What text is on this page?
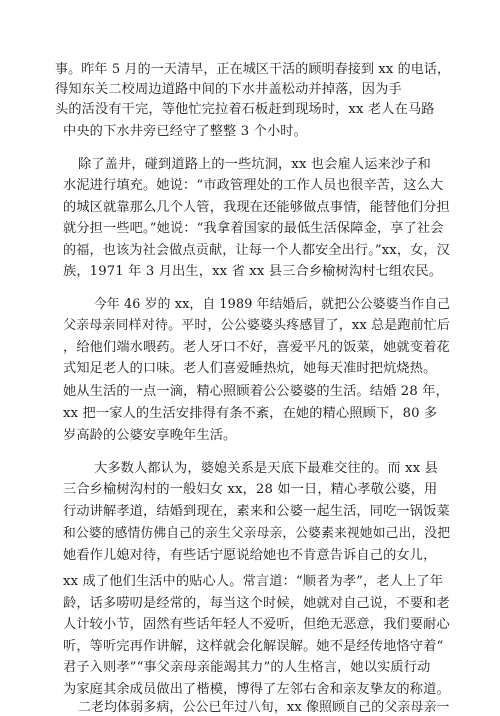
事。昨年 5 月的一天清早，正在城区干活的顾明春接到 xx 的电话，
得知东关二校周边道路中间的下水井盖松动并掉落，因为手
头的活没有干完，等他忙完拉着石板赶到现场时，xx 老人在马路
中央的下水井旁已经守了整整 3 个小时。
除了盖井，碰到道路上的一些坑洞，xx 也会雇人运来沙子和
水泥进行填充。她说：“市政管理处的工作人员也很辛苦，这么大
的城区就靠那么几个人管，我现在还能够做点事情，能替他们分担
就分担一些吧。”她说：“我拿着国家的最低生活保障金，享了社会
的福，也该为社会做点贡献，让每一个人都安全出行。”xx，女，汉
族，1971 年 3 月出生，xx 省 xx 县三合乡榆树沟村七组农民。
今年 46 岁的 xx，自 1989 年结婚后，就把公公婆婆当作自己
父亲母亲同样对待。平时，公公婆婆头疼感冒了，xx 总是跑前忙后
，给他们端水喂药。老人牙口不好，喜爱平凡的饭菜，她就变着花
式知足老人的口味。老人们喜爱睡热炕，她每天准时把炕烧热。
她从生活的一点一滴，精心照顾着公公婆婆的生活。结婚 28 年，
xx 把一家人的生活安排得有条不紊，在她的精心照顾下，80 多
岁高龄的公婆安享晚年生活。
大多数人都认为，婆媳关系是天底下最难交往的。而 xx 县
三合乡榆树沟村的一般妇女 xx，28 如一日，精心孝敬公婆，用
行动讲解孝道，结婚到现在，素来和公婆一起生活，同吃一锅饭菜
和公婆的感情仿佛自己的亲生父亲母亲，公婆素来视她如己出，没把
她看作儿媳对待，有些话宁愿说给她也不肯意告诉自己的女儿，
xx 成了他们生活中的贴心人。常言道：“顺者为孝”，老人上了年
龄，话多唠叨是经常的，每当这个时候，她就对自己说，不要和老
人计较小节，固然有些话年轻人不爱听，但绝无恶意，我们要耐心
听，等听完再作讲解，这样就会化解误解。她不是经传地恪守着“
君子入则孝”“事父亲母亲能竭其力”的人生格言，她以实质行动
为家庭其余成员做出了楷模，博得了左邻右舍和亲友挚友的称道。
二老均体弱多病，公公已年过八旬，xx 像照顾自己的父亲母亲一
